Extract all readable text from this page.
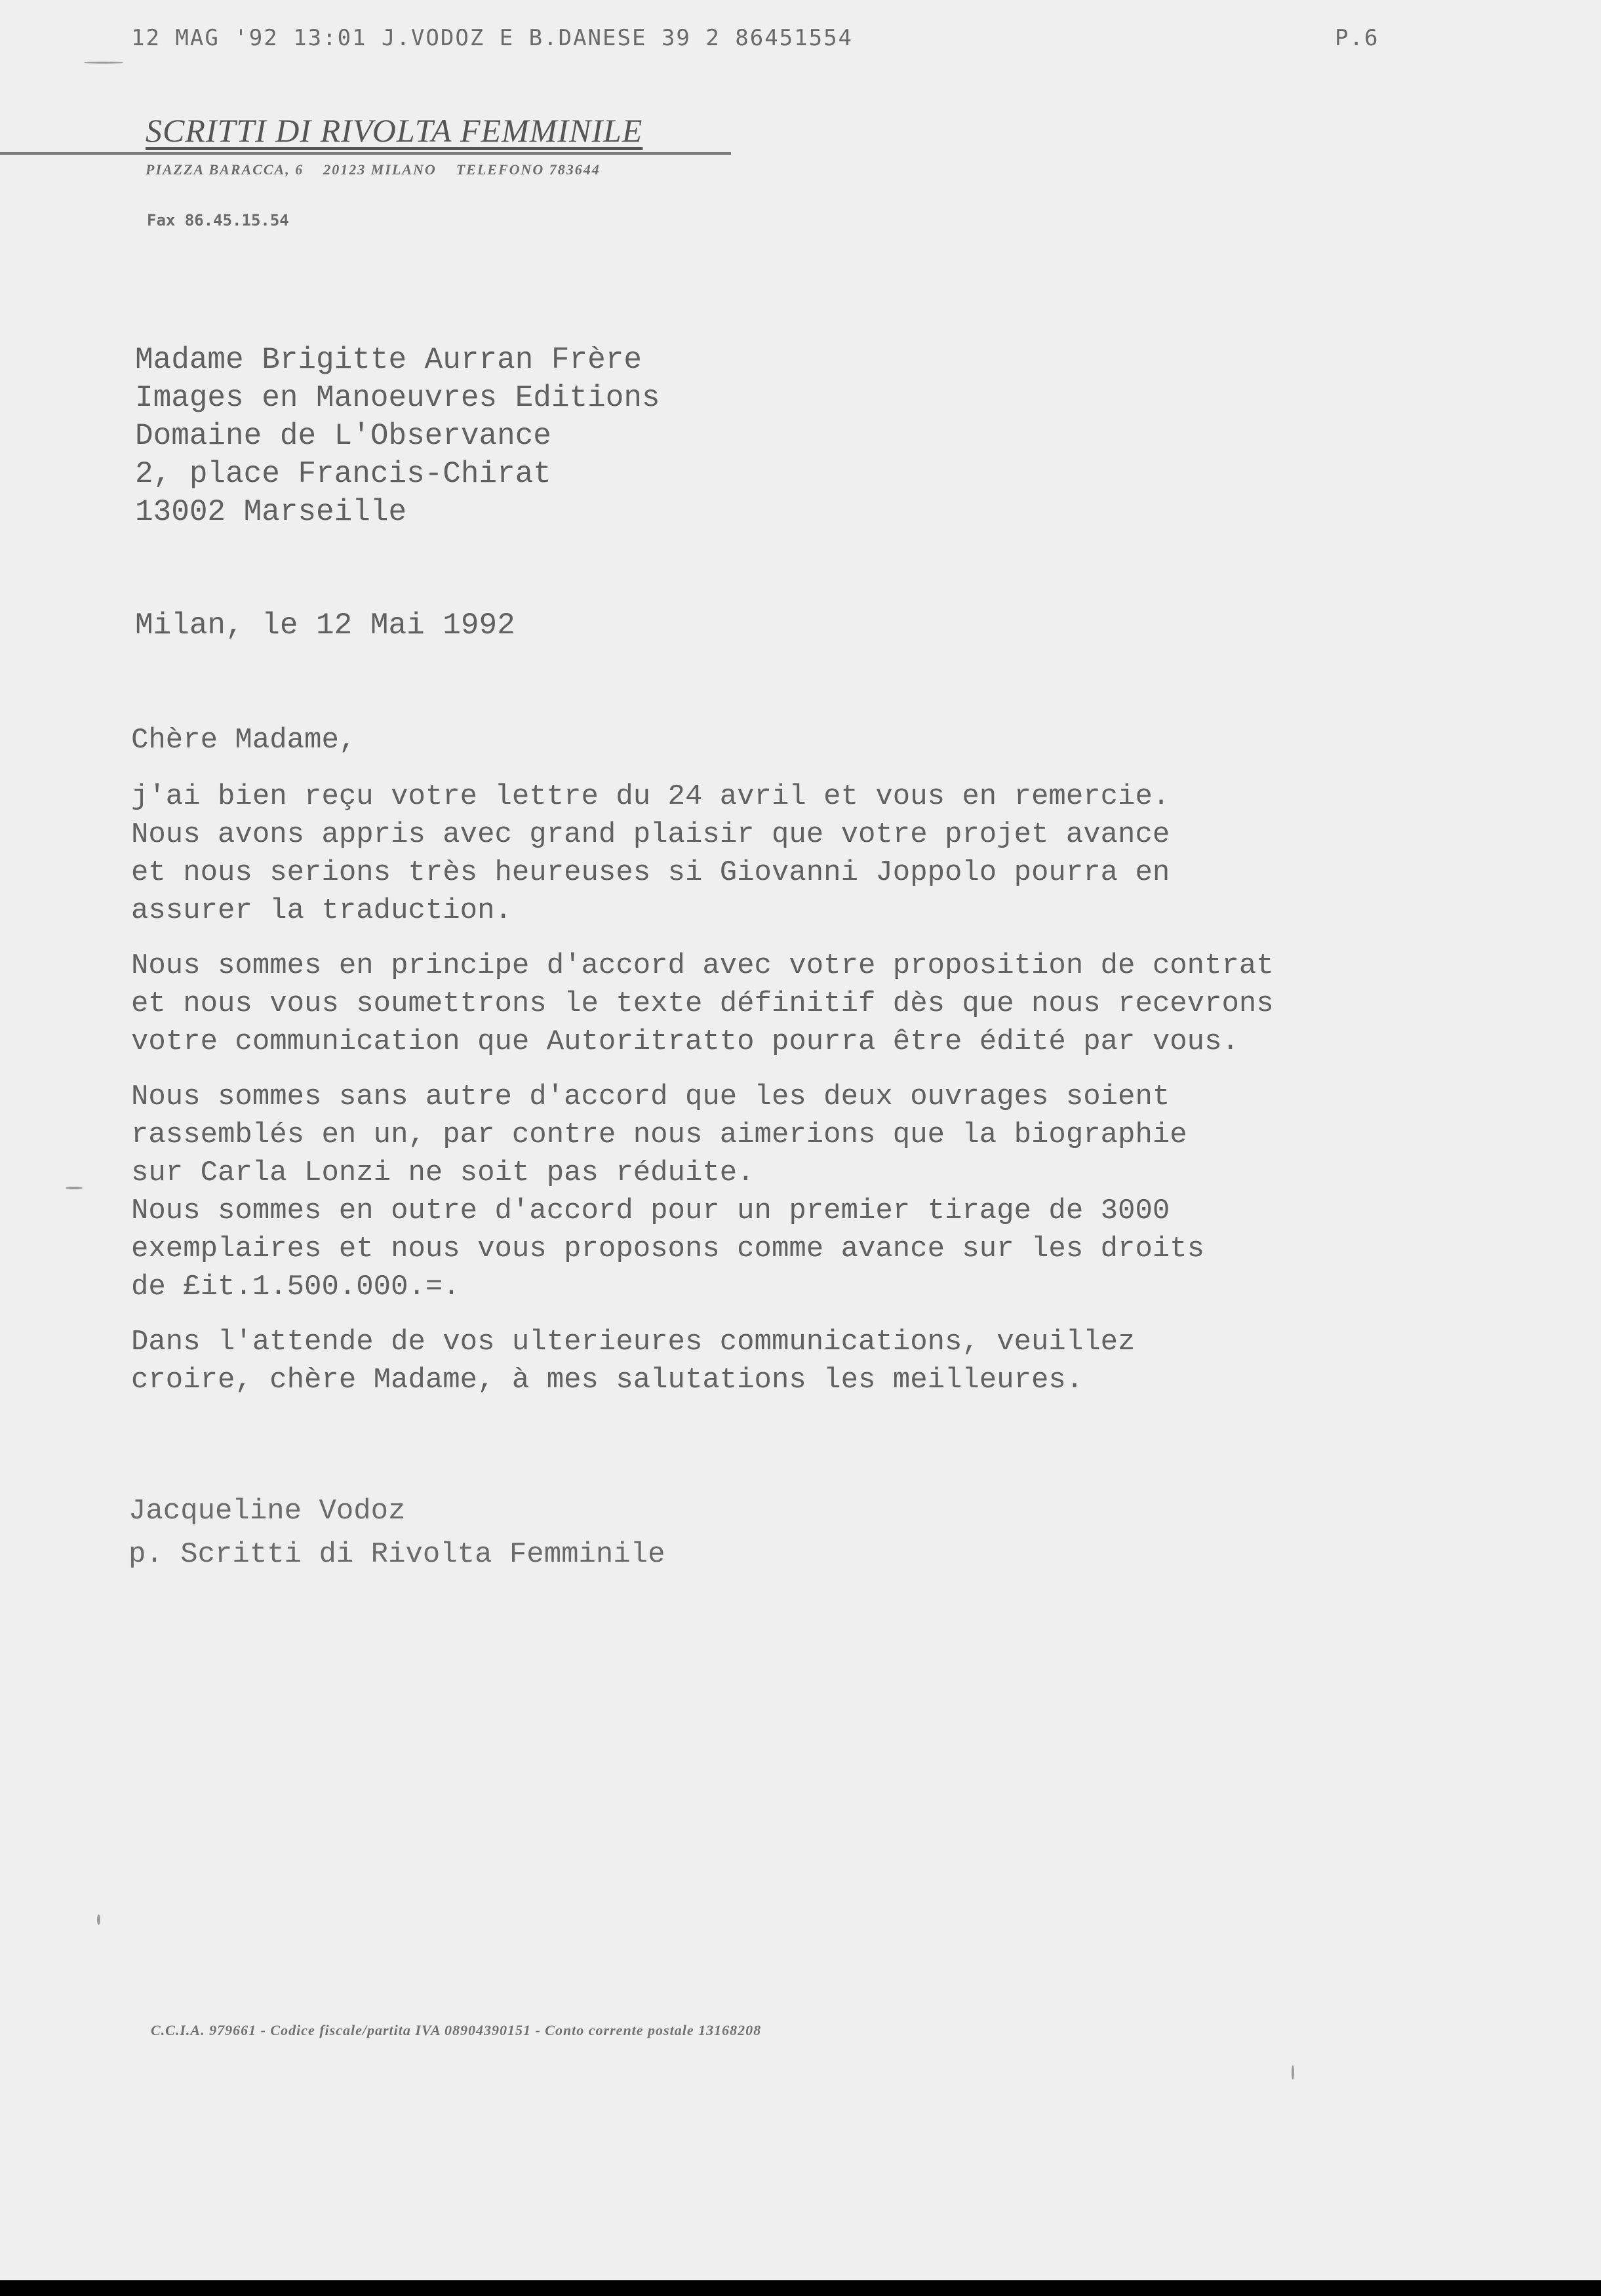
12 MAG '92 13:01 J.VODOZ E B.DANESE 39 2 86451554	P.6
SCRITTI DI RIVOLTA FEMMINILE
PIAZZA BARACCA, 6    20123 MILANO    TELEFONO 783644
Fax 86.45.15.54
Madame Brigitte Aurran Frère
Images en Manoeuvres Editions
Domaine de L'Observance
2, place Francis-Chirat
13002 Marseille
Milan, le 12 Mai 1992
Chère Madame,
j'ai bien reçu votre lettre du 24 avril et vous en remercie.
Nous avons appris avec grand plaisir que votre projet avance
et nous serions très heureuses si Giovanni Joppolo pourra en
assurer la traduction.
Nous sommes en principe d'accord avec votre proposition de contrat
et nous vous soumettrons le texte définitif dès que nous recevrons
votre communication que Autoritratto pourra être édité par vous.
Nous sommes sans autre d'accord que les deux ouvrages soient
rassemblés en un, par contre nous aimerions que la biographie
sur Carla Lonzi ne soit pas réduite.
Nous sommes en outre d'accord pour un premier tirage de 3000
exemplaires et nous vous proposons comme avance sur les droits
de £it.1.500.000.=.
Dans l'attende de vos ulterieures communications, veuillez
croire, chère Madame, à mes salutations les meilleures.
Jacqueline Vodoz
p. Scritti di Rivolta Femminile
C.C.I.A. 979661 - Codice fiscale/partita IVA 08904390151 - Conto corrente postale 13168208
